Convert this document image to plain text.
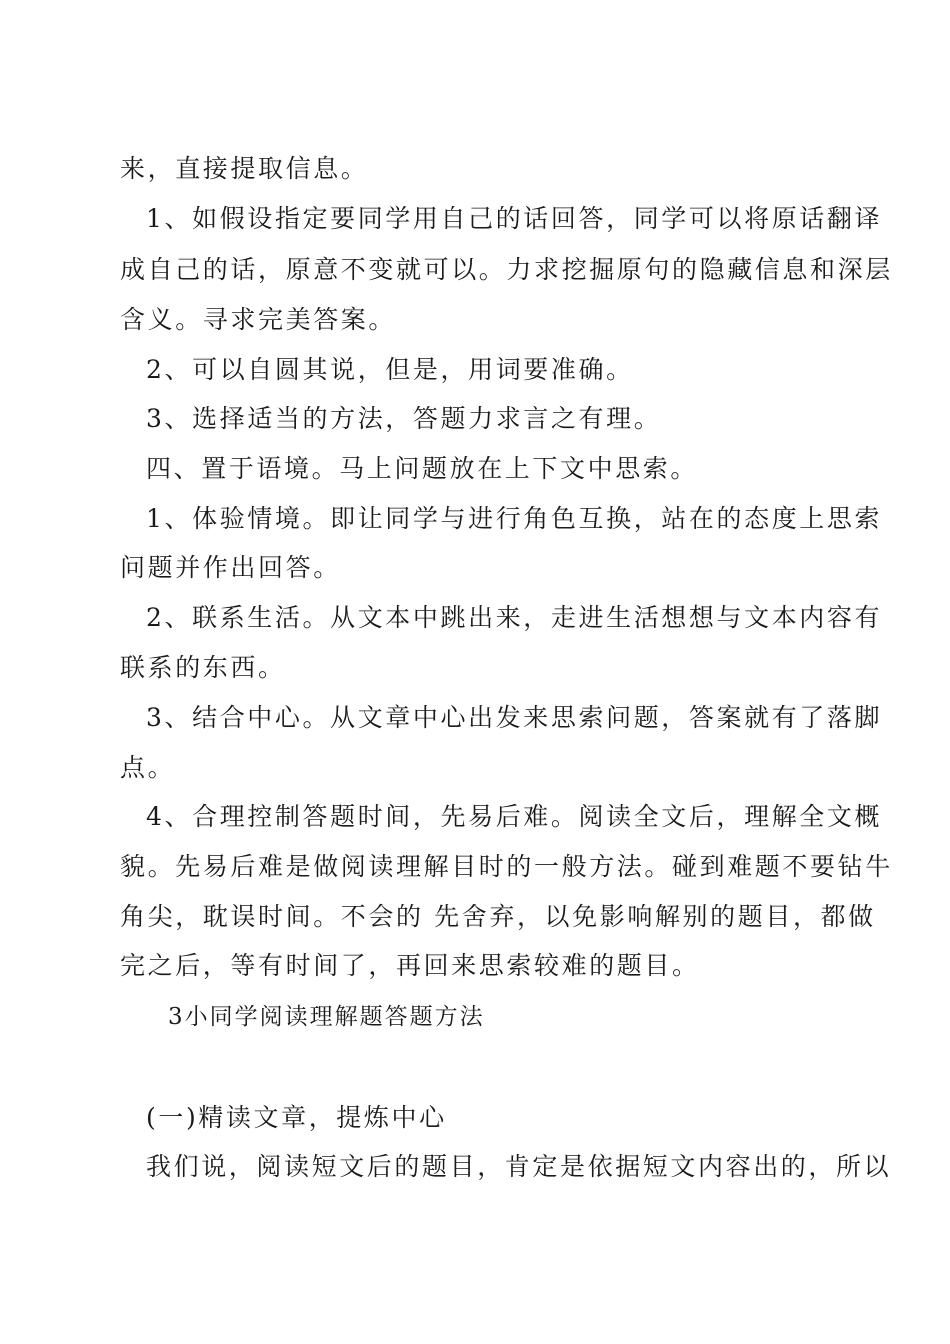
来，直接提取信息。
1、如假设指定要同学用自己的话回答，同学可以将原话翻译
成自己的话，原意不变就可以。力求挖掘原句的隐藏信息和深层
含义。寻求完美答案。
2、可以自圆其说，但是，用词要准确。
3、选择适当的方法，答题力求言之有理。
四、置于语境。马上问题放在上下文中思索。
1、体验情境。即让同学与进行角色互换，站在的态度上思索
问题并作出回答。
2、联系生活。从文本中跳出来，走进生活想想与文本内容有
联系的东西。
3、结合中心。从文章中心出发来思索问题，答案就有了落脚
点。
4、合理控制答题时间，先易后难。阅读全文后，理解全文概
貌。先易后难是做阅读理解目时的一般方法。碰到难题不要钻牛
角尖，耽误时间。不会的 先舍弃，以免影响解别的题目，都做
完之后，等有时间了，再回来思索较难的题目。
3小同学阅读理解题答题方法
(一)精读文章，提炼中心
我们说，阅读短文后的题目，肯定是依据短文内容出的，所以
